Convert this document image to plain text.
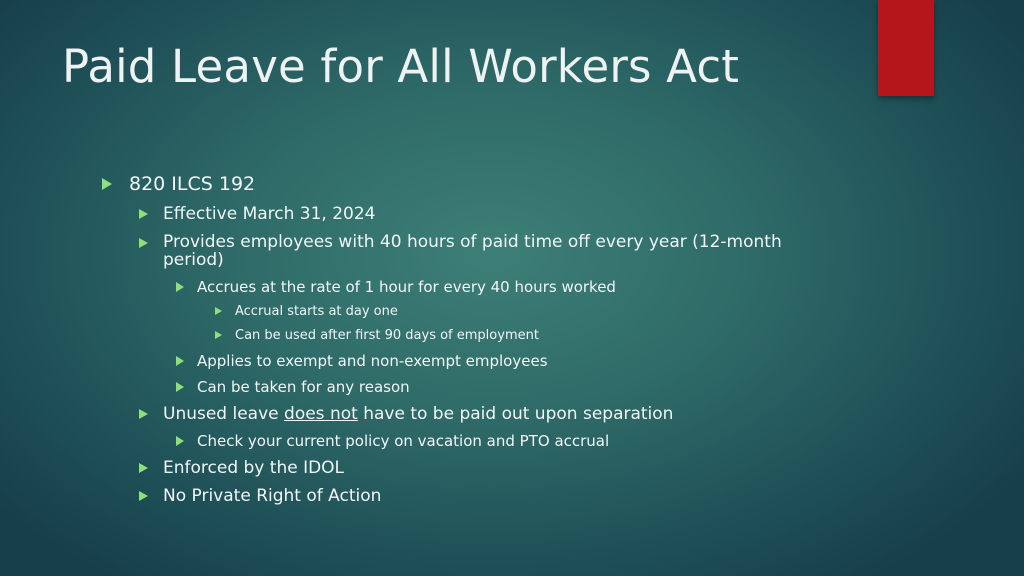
Paid Leave for All Workers Act
820 ILCS 192
Effective March 31, 2024
Provides employees with 40 hours of paid time off every year (12-month
period)
Accrues at the rate of 1 hour for every 40 hours worked
Accrual starts at day one
Can be used after first 90 days of employment
Applies to exempt and non-exempt employees
Can be taken for any reason
Unused leave does not have to be paid out upon separation
Check your current policy on vacation and PTO accrual
Enforced by the IDOL
No Private Right of Action
